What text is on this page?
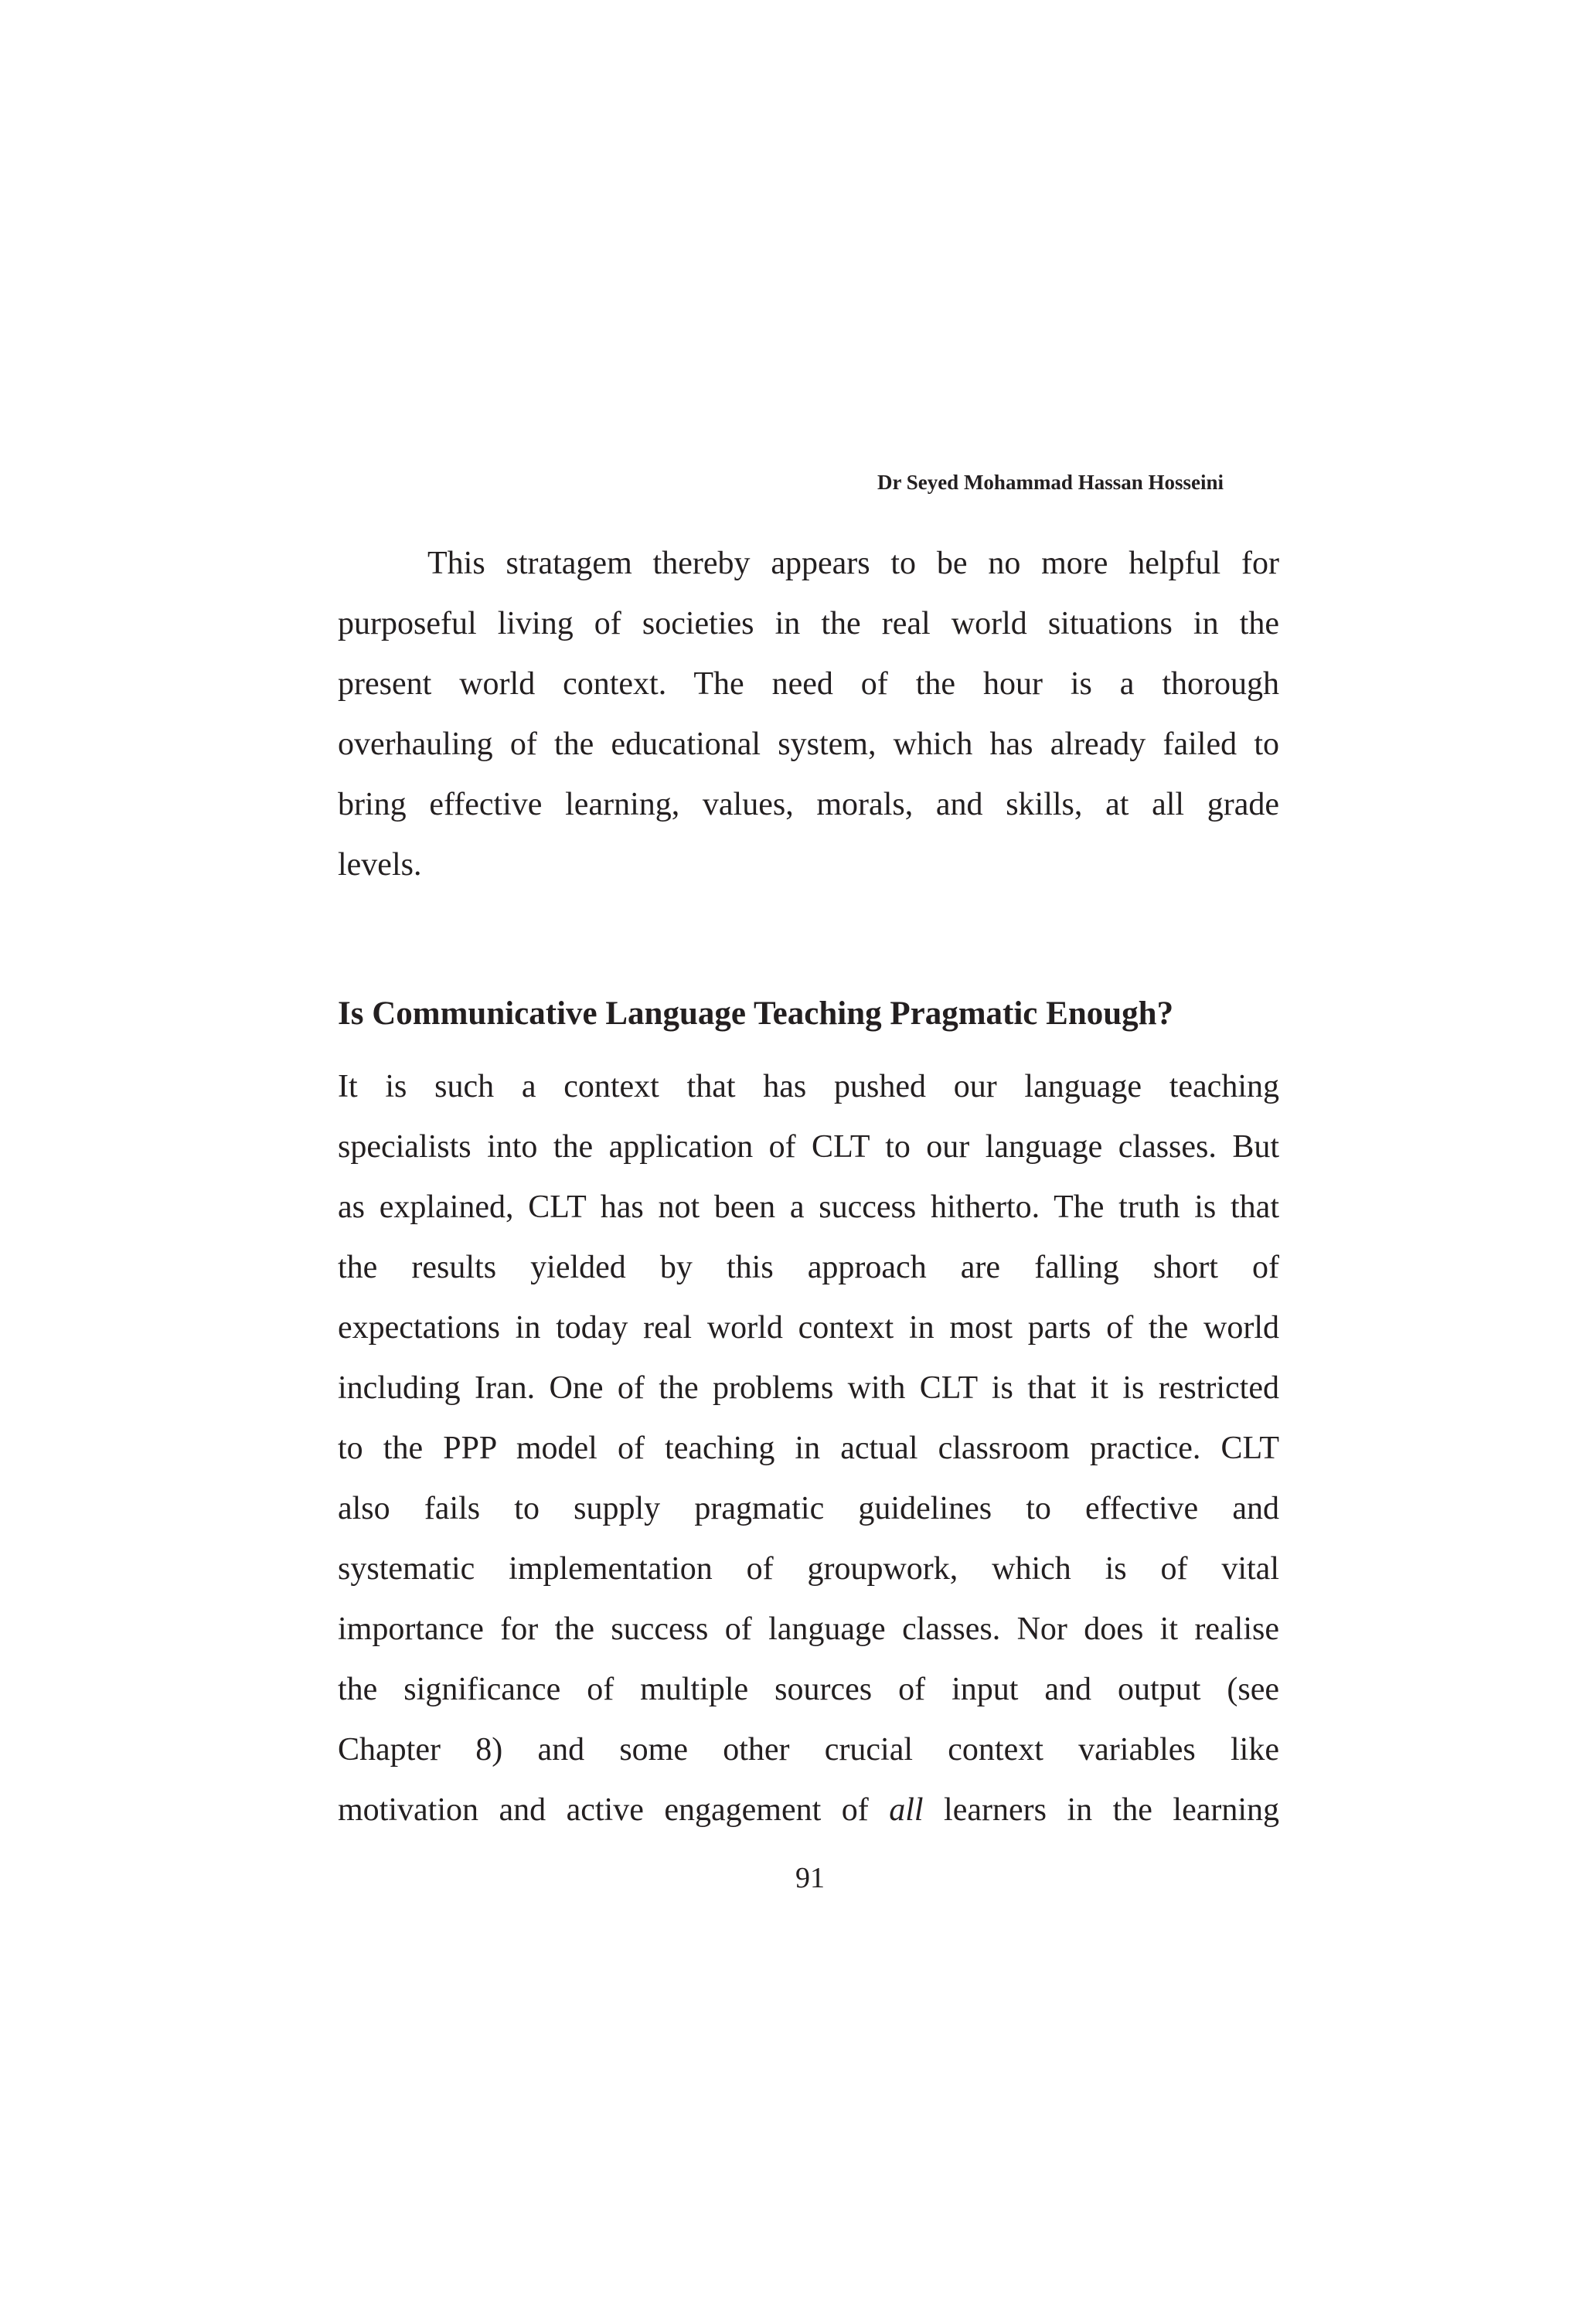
Dr Seyed Mohammad Hassan Hosseini
This stratagem thereby appears to be no more helpful for
purposeful living of societies in the real world situations in the
present world context. The need of the hour is a thorough
overhauling of the educational system, which has already failed to
bring effective learning, values, morals, and skills, at all grade
levels.
Is Communicative Language Teaching Pragmatic Enough?
It is such a context that has pushed our language teaching
specialists into the application of CLT to our language classes. But
as explained, CLT has not been a success hitherto. The truth is that
the results yielded by this approach are falling short of
expectations in today real world context in most parts of the world
including Iran. One of the problems with CLT is that it is restricted
to the PPP model of teaching in actual classroom practice. CLT
also fails to supply pragmatic guidelines to effective and
systematic implementation of groupwork, which is of vital
importance for the success of language classes. Nor does it realise
the significance of multiple sources of input and output (see
Chapter 8) and some other crucial context variables like
motivation and active engagement of all learners in the learning
91
